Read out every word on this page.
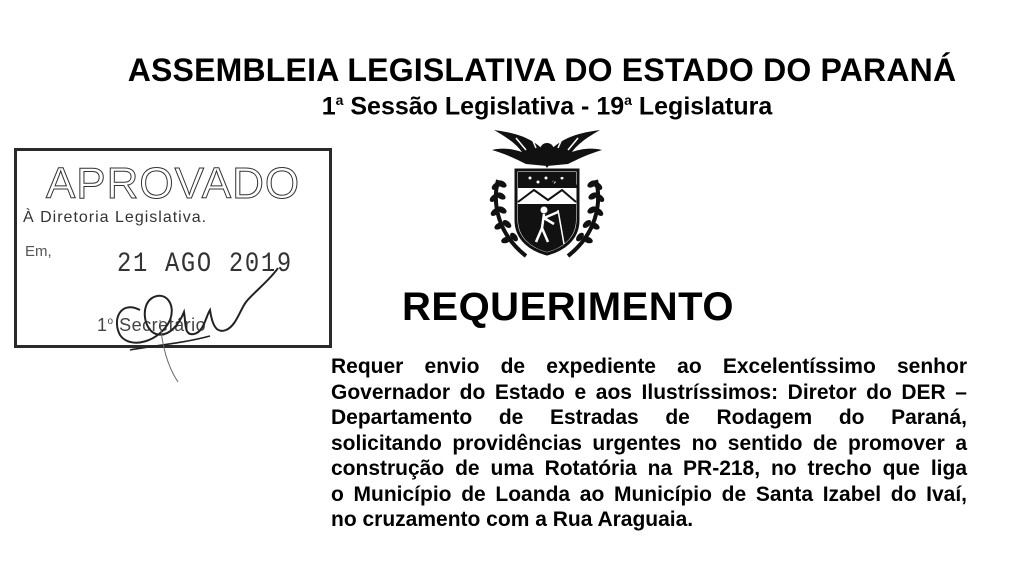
ASSEMBLEIA LEGISLATIVA DO ESTADO DO PARANÁ
1$^a$ Sessão Legislativa - 19$^a$ Legislatura
APROVADO
À Diretoria Legislativa.
Em, 21 AGO 2019
1$^o$ Secretário	REQUERIMENTO
Requer envio de expediente ao Excelentíssimo senhor
Governador do Estado e aos Ilustríssimos: Diretor do DER –
Departamento de Estradas de Rodagem do Paraná,
solicitando providências urgentes no sentido de promover a
construção de uma Rotatória na PR-218, no trecho que liga
o Município de Loanda ao Município de Santa Izabel do Ivaí,
no cruzamento com a Rua Araguaia.
